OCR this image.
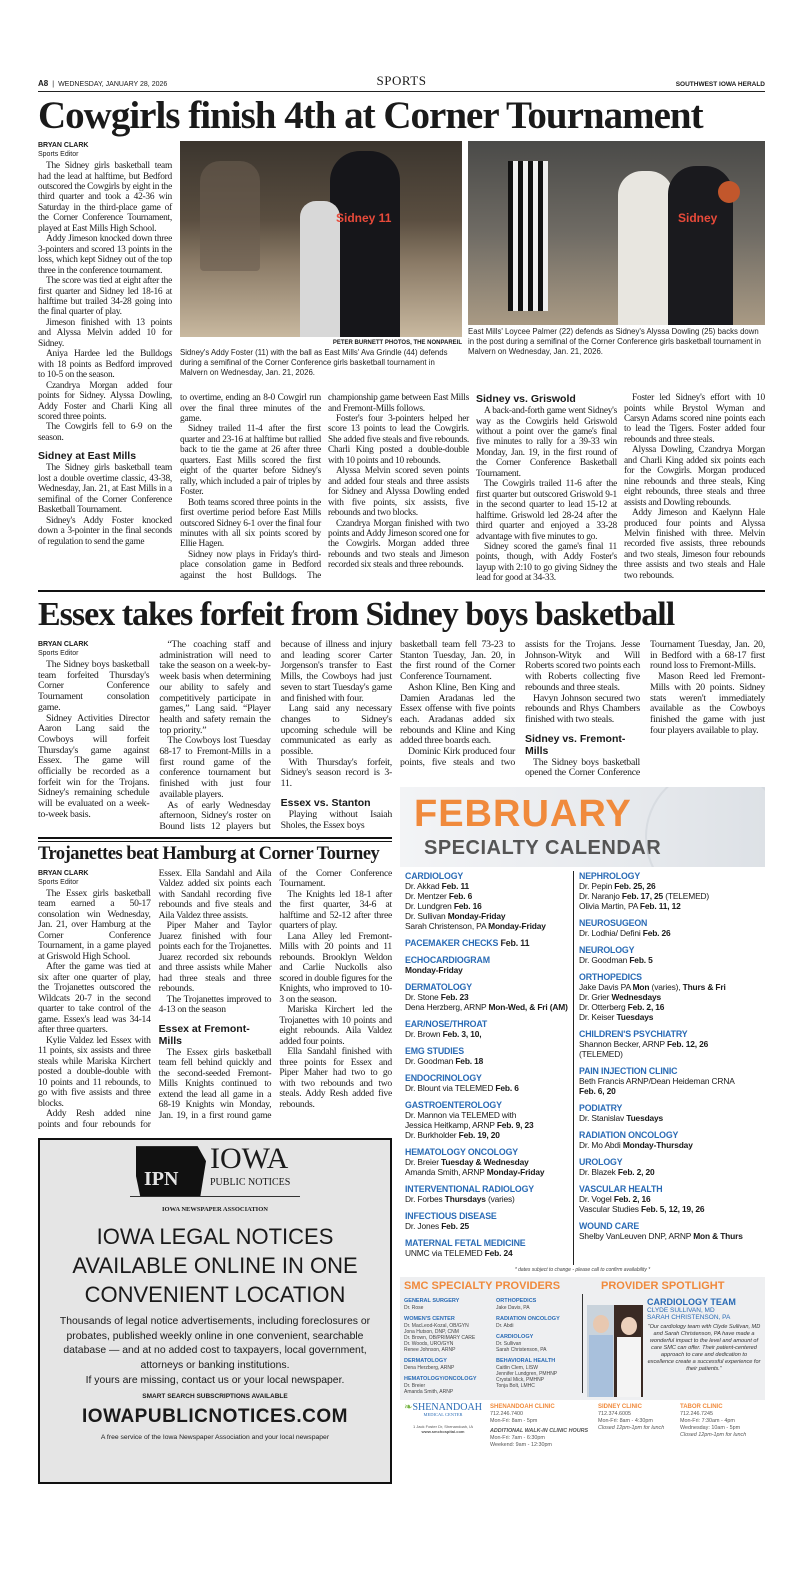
A8 | WEDNESDAY, JANUARY 28, 2026	SPORTS	SOUTHWEST IOWA HERALD
Cowgirls finish 4th at Corner Tournament
BRYAN CLARK
Sports Editor

The Sidney girls basketball team had the lead at halftime, but Bedford outscored the Cowgirls by eight in the third quarter and took a 42-36 win Saturday in the third-place game of the Corner Conference Tournament, played at East Mills High School.

Addy Jimeson knocked down three 3-pointers and scored 13 points in the loss, which kept Sidney out of the top three in the conference tournament.

The score was tied at eight after the first quarter and Sidney led 18-16 at halftime but trailed 34-28 going into the final quarter of play.

Jimeson finished with 13 points and Alyssa Melvin added 10 for Sidney.

Aniya Hardee led the Bulldogs with 18 points as Bedford improved to 10-5 on the season.

Czandrya Morgan added four points for Sidney. Alyssa Dowling, Addy Foster and Charli King all scored three points.

The Cowgirls fell to 6-9 on the season.

Sidney at East Mills

The Sidney girls basketball team lost a double overtime classic, 43-38, Wednesday, Jan. 21, at East Mills in a semifinal of the Corner Conference Basketball Tournament.

Sidney's Addy Foster knocked down a 3-pointer in the final seconds of regulation to send the game

Sidney 11
PETER BURNETT PHOTOS, THE NONPAREIL
Sidney's Addy Foster (11) with the ball as East Mills' Ava Grindle (44) defends during a semifinal of the Corner Conference girls basketball tournament in Malvern on Wednesday, Jan. 21, 2026.
Sidney
East Mills' Loycee Palmer (22) defends as Sidney's Alyssa Dowling (25) backs down in the post during a semifinal of the Corner Conference girls basketball tournament in Malvern on Wednesday, Jan. 21, 2026.

to overtime, ending an 8-0 Cowgirl run over the final three minutes of the game.

Sidney trailed 11-4 after the first quarter and 23-16 at halftime but rallied back to tie the game at 26 after three quarters. East Mills scored the first eight of the quarter before Sidney's rally, which included a pair of triples by Foster.

Both teams scored three points in the first overtime period before East Mills outscored Sidney 6-1 over the final four minutes with all six points scored by Ellie Hagen.

Sidney now plays in Friday's third-place consolation game in Bedford against the host Bulldogs. The championship game between East Mills and Fremont-Mills follows.

Foster's four 3-pointers helped her score 13 points to lead the Cowgirls. She added five steals and five rebounds. Charli King posted a double-double with 10 points and 10 rebounds.

Alyssa Melvin scored seven points and added four steals and three assists for Sidney and Alyssa Dowling ended with five points, six assists, five rebounds and two blocks.

Czandrya Morgan finished with two points and Addy Jimeson scored one for the Cowgirls. Morgan added three rebounds and two steals and Jimeson recorded six steals and three rebounds.

Sidney vs. Griswold

A back-and-forth game went Sidney's way as the Cowgirls held Griswold without a point over the game's final five minutes to rally for a 39-33 win Monday, Jan. 19, in the first round of the Corner Conference Basketball Tournament.

The Cowgirls trailed 11-6 after the first quarter but outscored Griswold 9-1 in the second quarter to lead 15-12 at halftime. Griswold led 28-24 after the third quarter and enjoyed a 33-28 advantage with five minutes to go.

Sidney scored the game's final 11 points, though, with Addy Foster's layup with 2:10 to go giving Sidney the lead for good at 34-33.

Foster led Sidney's effort with 10 points while Brystol Wyman and Carsyn Adams scored nine points each to lead the Tigers. Foster added four rebounds and three steals.

Alyssa Dowling, Czandrya Morgan and Charli King added six points each for the Cowgirls. Morgan produced nine rebounds and three steals, King eight rebounds, three steals and three assists and Dowling rebounds.

Addy Jimeson and Kaelynn Hale produced four points and Alyssa Melvin finished with three. Melvin recorded five assists, three rebounds and two steals, Jimeson four rebounds three assists and two steals and Hale two rebounds.

Essex takes forfeit from Sidney boys basketball
BRYAN CLARK
Sports Editor

The Sidney boys basketball team forfeited Thursday's Corner Conference Tournament consolation game.

Sidney Activities Director Aaron Lang said the Cowboys will forfeit Thursday's game against Essex. The game will officially be recorded as a forfeit win for the Trojans. Sidney's remaining schedule will be evaluated on a week-to-week basis.

“The coaching staff and administration will need to take the season on a week-by-week basis when determining our ability to safely and competitively participate in games,” Lang said. “Player health and safety remain the top priority.”

The Cowboys lost Tuesday 68-17 to Fremont-Mills in a first round game of the conference tournament but finished with just four available players.

As of early Wednesday afternoon, Sidney's roster on Bound lists 12 players but because of illness and injury and leading scorer Carter Jorgenson's transfer to East Mills, the Cowboys had just seven to start Tuesday's game and finished with four.

Lang said any necessary changes to Sidney's upcoming schedule will be communicated as early as possible.

With Thursday's forfeit, Sidney's season record is 3-11.

Essex vs. Stanton

Playing without Isaiah Sholes, the Essex boys

Trojanettes beat Hamburg at Corner Tourney
BRYAN CLARK
Sports Editor

The Essex girls basketball team earned a 50-17 consolation win Wednesday, Jan. 21, over Hamburg at the Corner Conference Tournament, in a game played at Griswold High School.

After the game was tied at six after one quarter of play, the Trojanettes outscored the Wildcats 20-7 in the second quarter to take control of the game. Essex's lead was 34-14 after three quarters.

Kylie Valdez led Essex with 11 points, six assists and three steals while Mariska Kirchert posted a double-double with 10 points and 11 rebounds, to go with five assists and three blocks.

Addy Resh added nine points and four rebounds for Essex. Ella Sandahl and Aila Valdez added six points each with Sandahl recording five rebounds and five steals and Aila Valdez three assists.

Piper Maher and Taylor Juarez finished with four points each for the Trojanettes. Juarez recorded six rebounds and three assists while Maher had three steals and three rebounds.

The Trojanettes improved to 4-13 on the season

Essex at Fremont-Mills

The Essex girls basketball team fell behind quickly and the second-seeded Fremont-Mills Knights continued to extend the lead all game in a 68-19 Knights win Monday, Jan. 19, in a first round game of the Corner Conference Tournament.

The Knights led 18-1 after the first quarter, 34-6 at halftime and 52-12 after three quarters of play.

Lana Alley led Fremont-Mills with 20 points and 11 rebounds. Brooklyn Weldon and Carlie Nuckolls also scored in double figures for the Knights, who improved to 10-3 on the season.

Mariska Kirchert led the Trojanettes with 10 points and eight rebounds. Aila Valdez added four points.

Ella Sandahl finished with three points for Essex and Piper Maher had two to go with two rebounds and two steals. Addy Resh added five rebounds.

IPN
IOWA
PUBLIC NOTICES
IOWA NEWSPAPER ASSOCIATION
IOWA LEGAL NOTICES
AVAILABLE ONLINE IN ONE
CONVENIENT LOCATION
Thousands of legal notice advertisements, including foreclosures or probates, published weekly online in one convenient, searchable database — and at no added cost to taxpayers, local government, attorneys or banking institutions.
If yours are missing, contact us or your local newspaper.
SMART SEARCH SUBSCRIPTIONS AVAILABLE
IOWAPUBLICNOTICES.COM
A free service of the Iowa Newspaper Association and your local newspaper

basketball team fell 73-23 to Stanton Tuesday, Jan. 20, in the first round of the Corner Conference Tournament.

Ashon Kline, Ben King and Damien Aradanas led the Essex offense with five points each. Aradanas added six rebounds and Kline and King added three boards each.

Dominic Kirk produced four points, five steals and two assists for the Trojans. Jesse Johnson-Wityk and Will Roberts scored two points each with Roberts collecting five rebounds and three steals.

Havyn Johnson secured two rebounds and Rhys Chambers finished with two steals.

Sidney vs. Fremont-Mills

The Sidney boys basketball opened the Corner Conference Tournament Tuesday, Jan. 20, in Bedford with a 68-17 first round loss to Fremont-Mills.

Mason Reed led Fremont-Mills with 20 points. Sidney stats weren't immediately available as the Cowboys finished the game with just four players available to play.

FEBRUARY
SPECIALTY CALENDAR
CARDIOLOGY
Dr. Akkad Feb. 11
Dr. Mentzer Feb. 6
Dr. Lundgren Feb. 16
Dr. Sullivan Monday-Friday
Sarah Christenson, PA Monday-Friday
PACEMAKER CHECKS Feb. 11
ECHOCARDIOGRAM
Monday-Friday
DERMATOLOGY
Dr. Stone Feb. 23
Dena Herzberg, ARNP Mon-Wed, & Fri (AM)
EAR/NOSE/THROAT
Dr. Brown Feb. 3, 10,
EMG STUDIES
Dr. Goodman Feb. 18
ENDOCRINOLOGY
Dr. Blount via TELEMED Feb. 6
GASTROENTEROLOGY
Dr. Mannon via TELEMED with
Jessica Heitkamp, ARNP Feb. 9, 23
Dr. Burkholder Feb. 19, 20
HEMATOLOGY ONCOLOGY
Dr. Breier Tuesday & Wednesday
Amanda Smith, ARNP Monday-Friday
INTERVENTIONAL RADIOLOGY
Dr. Forbes Thursdays (varies)
INFECTIOUS DISEASE
Dr. Jones Feb. 25
MATERNAL FETAL MEDICINE
UNMC via TELEMED Feb. 24
NEPHROLOGY
Dr. Pepin Feb. 25, 26
Dr. Naranjo Feb. 17, 25 (TELEMED)
Olivia Martin, PA Feb. 11, 12
NEUROSUGEON
Dr. Lodhia/ Defini Feb. 26
NEUROLOGY
Dr. Goodman Feb. 5
ORTHOPEDICS
Jake Davis PA Mon (varies), Thurs & Fri
Dr. Grier Wednesdays
Dr. Otterberg Feb. 2, 16
Dr. Keiser Tuesdays
CHILDREN'S PSYCHIATRY
Shannon Becker, ARNP Feb. 12, 26
(TELEMED)
PAIN INJECTION CLINIC
Beth Francis ARNP/Dean Heideman CRNA
Feb. 6, 20
PODIATRY
Dr. Stanislav Tuesdays
RADIATION ONCOLOGY
Dr. Mo Abdi Monday-Thursday
UROLOGY
Dr. Blazek Feb. 2, 20
VASCULAR HEALTH
Dr. Vogel Feb. 2, 16
Vascular Studies Feb. 5, 12, 19, 26
WOUND CARE
Shelby VanLeuven DNP, ARNP Mon & Thurs
* dates subject to change - please call to confirm availability *
SMC SPECIALTY PROVIDERS
GENERAL SURGERY
Dr. Rose
WOMEN'S CENTER
Dr. MacLeod-Kozal, OB/GYN
Jona Hutson, DNP, CNM
Dr. Brown, OB/PRIMARY CARE
Dr. Woods, URO/GYN
Renee Johnson, ARNP
DERMATOLOGY
Dena Herzberg, ARNP
HEMATOLOGY/ONCOLOGY
Dr. Breier
Amanda Smith, ARNP
ORTHOPEDICS
Jake Davis, PA
RADIATION ONCOLOGY
Dr. Abdi
CARDIOLOGY
Dr. Sullivan
Sarah Christenson, PA
BEHAVIORAL HEALTH
Caitlin Clem, LISW
Jennifer Lundgren, PMHNP
Crystal Mick, PMHNP
Tonja Bolt, LMHC
PROVIDER SPOTLIGHT
CARDIOLOGY TEAM
CLYDE SULLIVAN, MD
SARAH CHRISTENSON, PA
“Our cardiology team with Clyde Sullivan, MD and Sarah Christenson, PA have made a wonderful impact to the level and amount of care SMC can offer. Their patient-centered approach to care and dedication to excellence create a successful experience for their patients.”
❧SHENANDOAH
MEDICAL CENTER
1 Jack Foster Dr, Shenandoah, IA
www.smchospital.com
SHENANDOAH CLINIC
712.246.7400
Mon-Fri: 8am - 5pm
ADDITIONAL WALK-IN CLINIC HOURS
Mon-Fri: 7am - 6:30pm
Weekend: 9am - 12:30pm
SIDNEY CLINIC
712.374.6005
Mon-Fri: 8am - 4:30pm
Closed 12pm-1pm for lunch
TABOR CLINIC
712.246.7245
Mon-Fri: 7:30am - 4pm
Wednesday: 10am - 5pm
Closed 12pm-1pm for lunch
